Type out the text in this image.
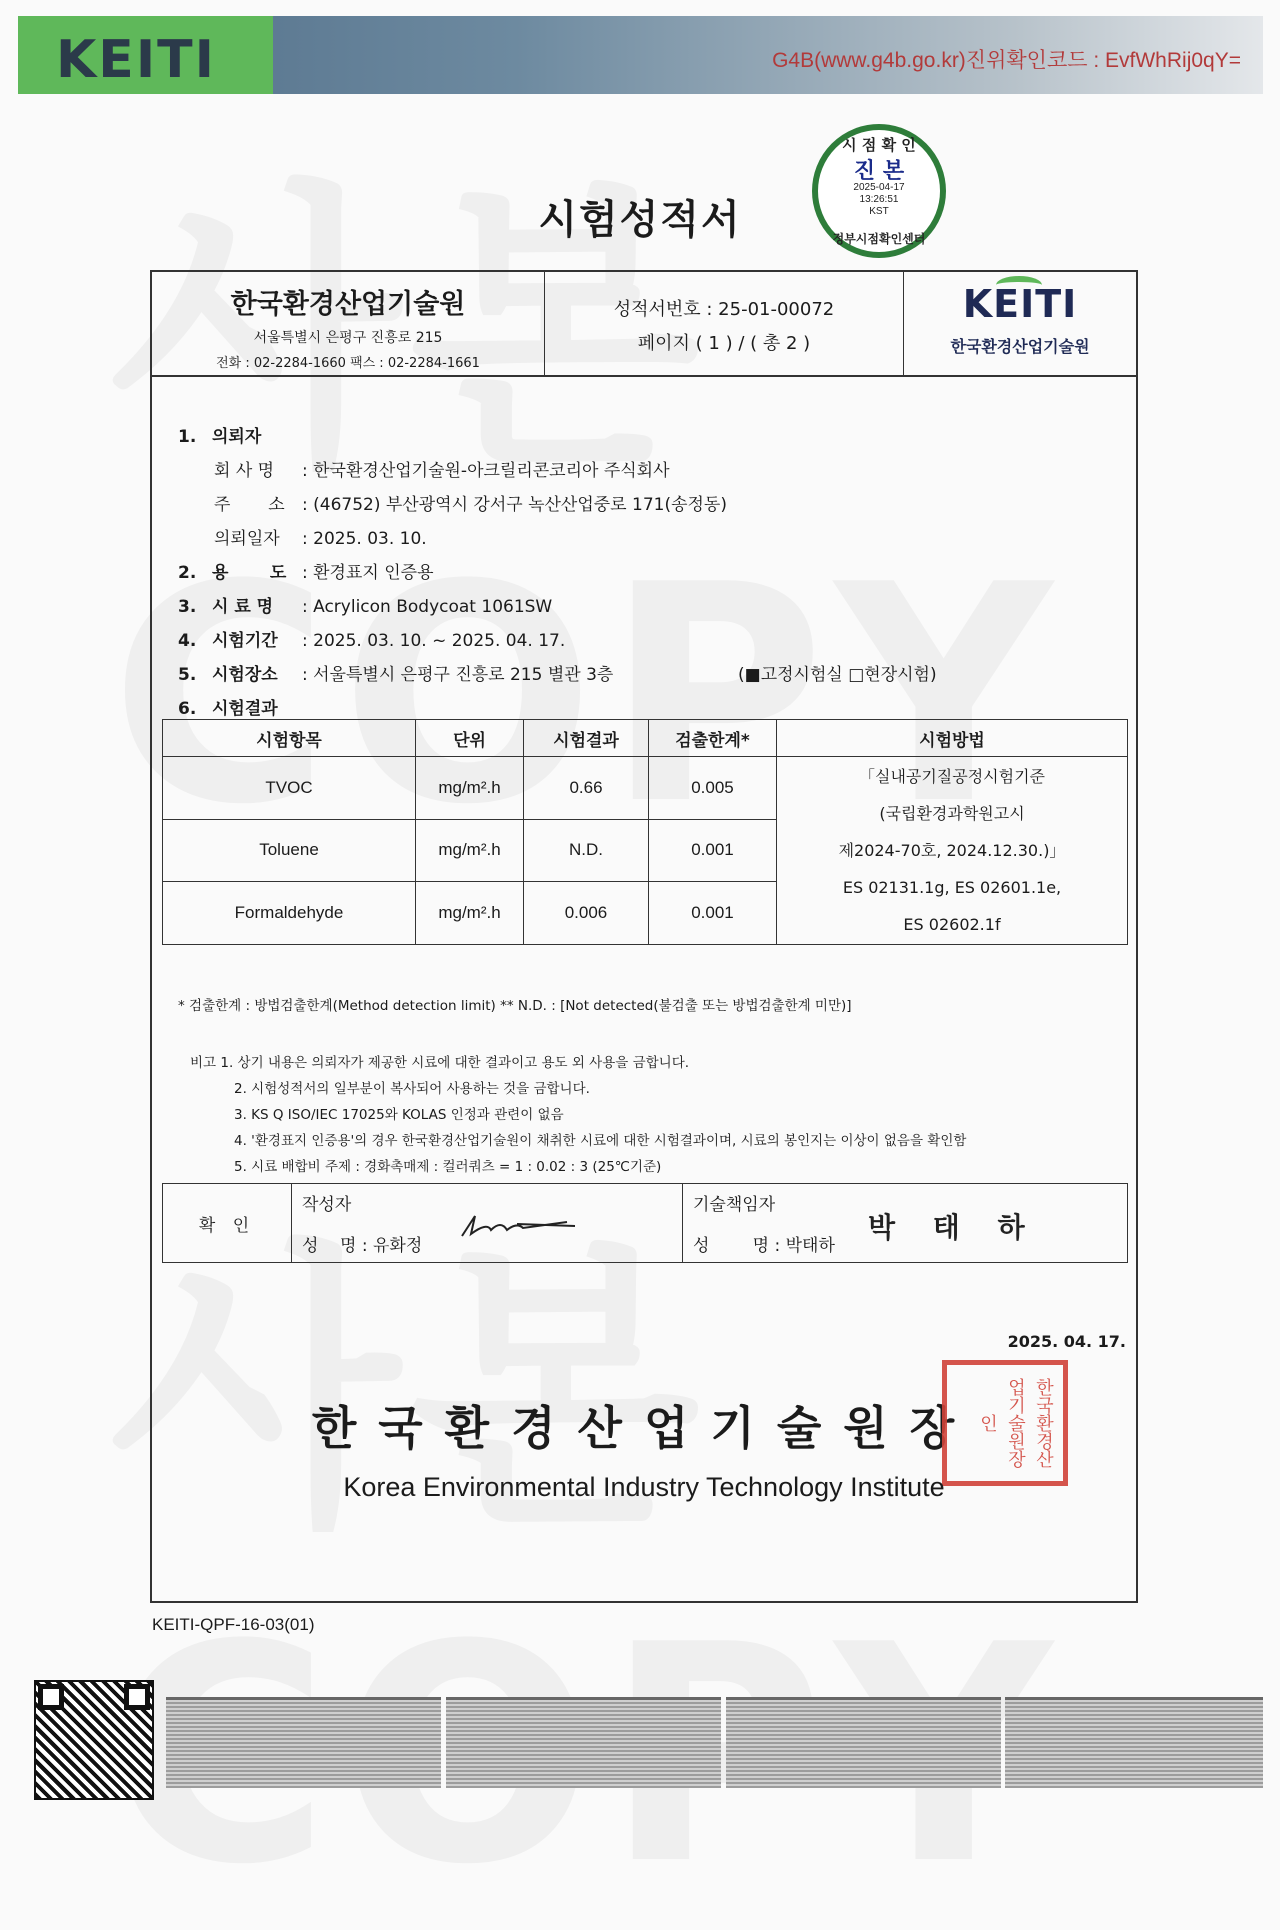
KEITI	G4B(www.g4b.go.kr)진위확인코드 : EvfWhRij0qY=
시험성적서
시 점 확 인
진 본
2025-04-17
13:26:51
KST
정부시점확인센터
한국환경산업기술원
서울특별시 은평구 진흥로 215
전화 : 02-2284-1660 팩스 : 02-2284-1661
성적서번호 : 25-01-00072
페이지 ( 1 ) / ( 총 2 )
KEITI
한국환경산업기술원
1. 의뢰자
회 사 명 : 한국환경산업기술원-아크릴리콘코리아 주식회사
주       소 : (46752) 부산광역시 강서구 녹산산업중로 171(송정동)
의뢰일자 : 2025. 03. 10.
2. 용       도 : 환경표지 인증용
3. 시 료 명 : Acrylicon Bodycoat 1061SW
4. 시험기간 : 2025. 03. 10. ~ 2025. 04. 17.
5. 시험장소 : 서울특별시 은평구 진흥로 215 별관 3층	(■고정시험실 □현장시험)
6. 시험결과
시험항목	단위	시험결과	검출한계*	시험방법
TVOC	mg/m².h	0.66	0.005	「실내공기질공정시험기준
(국립환경과학원고시
제2024-70호, 2024.12.30.)」
ES 02131.1g, ES 02601.1e,
ES 02602.1f

Toluene	mg/m².h	N.D.	0.001	
Formaldehyde	mg/m².h	0.006	0.001	
* 검출한계 : 방법검출한계(Method detection limit) ** N.D. : [Not detected(불검출 또는 방법검출한계 미만)]
비고 1. 상기 내용은 의뢰자가 제공한 시료에 대한 결과이고 용도 외 사용을 금합니다.
2. 시험성적서의 일부분이 복사되어 사용하는 것을 금합니다.
3. KS Q ISO/IEC 17025와 KOLAS 인정과 관련이 없음
4. '환경표지 인증용'의 경우 한국환경산업기술원이 채취한 시료에 대한 시험결과이며, 시료의 봉인지는 이상이 없음을 확인함
5. 시료 배합비 주제 : 경화촉매제 : 컬러쿼츠 = 1 : 0.02 : 3 (25℃기준)
확 인
작성자
성    명 : 유화정
기술책임자
박 태 하
성        명 : 박태하
2025. 04. 17.
한국환경산업기술원장	한국환경산업기술원장인
Korea Environmental Industry Technology Institute
KEITI-QPF-16-03(01)
